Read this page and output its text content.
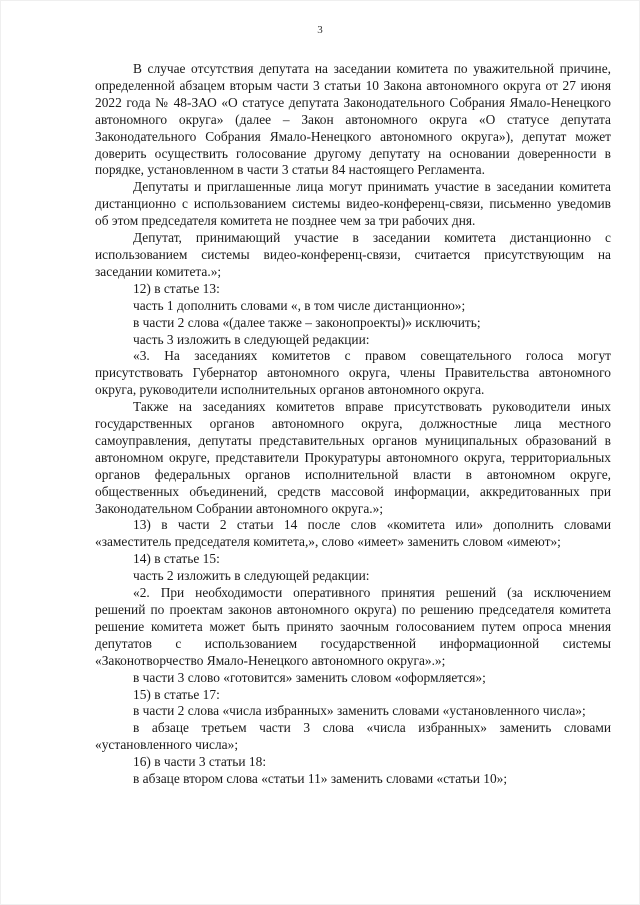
3

В случае отсутствия депутата на заседании комитета по уважительной причине, определенной абзацем вторым части 3 статьи 10 Закона автономного округа от 27 июня 2022 года № 48-ЗАО «О статусе депутата Законодательного Собрания Ямало-Ненецкого автономного округа» (далее – Закон автономного округа «О статусе депутата Законодательного Собрания Ямало-Ненецкого автономного округа»), депутат может доверить осуществить голосование другому депутату на основании доверенности в порядке, установленном в части 3 статьи 84 настоящего Регламента.

Депутаты и приглашенные лица могут принимать участие в заседании комитета дистанционно с использованием системы видео-конференц-связи, письменно уведомив об этом председателя комитета не позднее чем за три рабочих дня.

Депутат, принимающий участие в заседании комитета дистанционно с использованием системы видео-конференц-связи, считается присутствующим на заседании комитета.»;

12) в статье 13:

часть 1 дополнить словами «, в том числе дистанционно»;

в части 2 слова «(далее также – законопроекты)» исключить;

часть 3 изложить в следующей редакции:

«3. На заседаниях комитетов с правом совещательного голоса могут присутствовать Губернатор автономного округа, члены Правительства автономного округа, руководители исполнительных органов автономного округа.

Также на заседаниях комитетов вправе присутствовать руководители иных государственных органов автономного округа, должностные лица местного самоуправления, депутаты представительных органов муниципальных образований в автономном округе, представители Прокуратуры автономного округа, территориальных органов федеральных органов исполнительной власти в автономном округе, общественных объединений, средств массовой информации, аккредитованных при Законодательном Собрании автономного округа.»;

13) в части 2 статьи 14 после слов «комитета или» дополнить словами «заместитель председателя комитета,», слово «имеет» заменить словом «имеют»;

14) в статье 15:

часть 2 изложить в следующей редакции:

«2. При необходимости оперативного принятия решений (за исключением решений по проектам законов автономного округа) по решению председателя комитета решение комитета может быть принято заочным голосованием путем опроса мнения депутатов с использованием государственной информационной системы «Законотворчество Ямало-Ненецкого автономного округа».»;

в части 3 слово «готовится» заменить словом «оформляется»;

15) в статье 17:

в части 2 слова «числа избранных» заменить словами «установленного числа»;

в абзаце третьем части 3 слова «числа избранных» заменить словами «установленного числа»;

16) в части 3 статьи 18:

в абзаце втором слова «статьи 11» заменить словами «статьи 10»;
